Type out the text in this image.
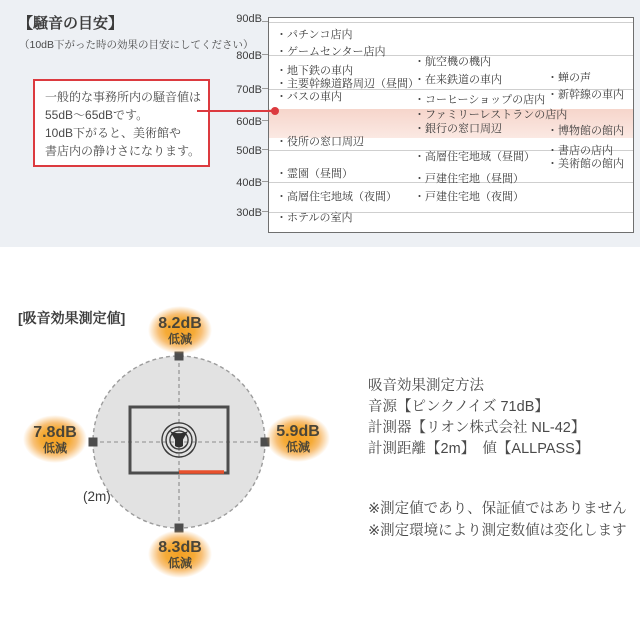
【騒音の目安】
（10dB下がった時の効果の目安にしてください）
一般的な事務所内の騒音値は
55dB～65dBです。
10dB下がると、美術館や
書店内の静けさになります。
90dB
80dB
70dB
60dB
50dB
40dB
30dB
・パチンコ店内
・ゲームセンター店内
・地下鉄の車内
・主要幹線道路周辺（昼間）
・バスの車内
・役所の窓口周辺
・霊園（昼間）
・高層住宅地域（夜間）
・ホテルの室内
・航空機の機内
・在来鉄道の車内
・コーヒーショップの店内
・ファミリーレストランの店内
・銀行の窓口周辺
・高層住宅地域（昼間）
・戸建住宅地（昼間）
・戸建住宅地（夜間）
・蝉の声
・新幹線の車内
・博物館の館内
・書店の店内
・美術館の館内
[吸音効果測定値] 8.2dB
低減
7.8dB
低減
5.9dB
低減
8.3dB
低減
(2m)
吸音効果測定方法
音源【ピンクノイズ 71dB】
計測器【リオン株式会社 NL-42】
計測距離【2m】　値【ALLPASS】
※測定値であり、保証値ではありません
※測定環境により測定数値は変化します
